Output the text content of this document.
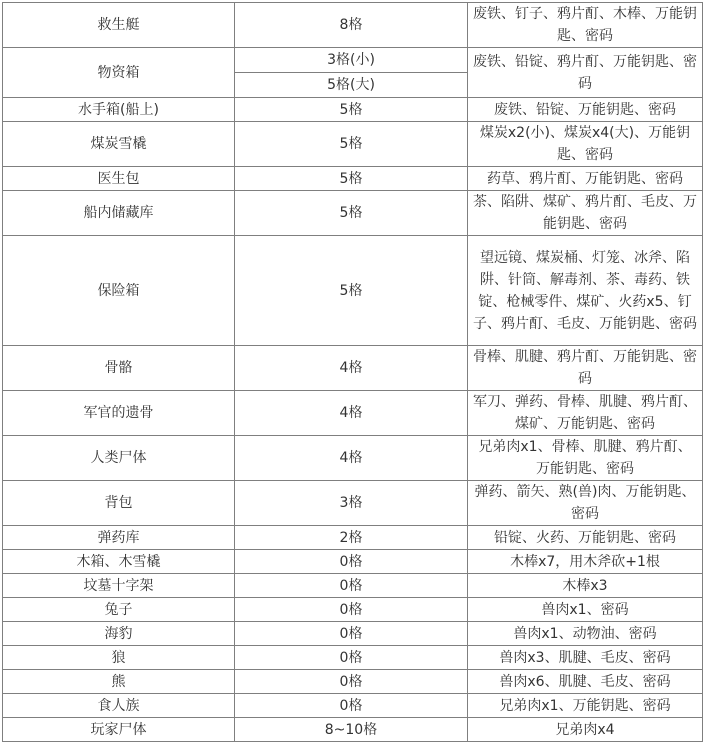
救生艇	8格	废铁、钉子、鸦片酊、木棒、万能钥匙、密码
物资箱	3格(小)	废铁、铅锭、鸦片酊、万能钥匙、密码
	5格(大)	
水手箱(船上)	5格	废铁、铅锭、万能钥匙、密码
煤炭雪橇	5格	煤炭x2(小)、煤炭x4(大)、万能钥匙、密码
医生包	5格	药草、鸦片酊、万能钥匙、密码
船内储藏库	5格	茶、陷阱、煤矿、鸦片酊、毛皮、万能钥匙、密码
保险箱	5格	望远镜、煤炭桶、灯笼、冰斧、陷阱、针筒、解毒剂、茶、毒药、铁锭、枪械零件、煤矿、火药x5、钉子、鸦片酊、毛皮、万能钥匙、密码
骨骼	4格	骨棒、肌腱、鸦片酊、万能钥匙、密码
军官的遗骨	4格	军刀、弹药、骨棒、肌腱、鸦片酊、煤矿、万能钥匙、密码
人类尸体	4格	兄弟肉x1、骨棒、肌腱、鸦片酊、万能钥匙、密码
背包	3格	弹药、箭矢、熟(兽)肉、万能钥匙、密码
弹药库	2格	铅锭、火药、万能钥匙、密码
木箱、木雪橇	0格	木棒x7，用木斧砍+1根
坟墓十字架	0格	木棒x3
兔子	0格	兽肉x1、密码
海豹	0格	兽肉x1、动物油、密码
狼	0格	兽肉x3、肌腱、毛皮、密码
熊	0格	兽肉x6、肌腱、毛皮、密码
食人族	0格	兄弟肉x1、万能钥匙、密码
玩家尸体	8~10格	兄弟肉x4
